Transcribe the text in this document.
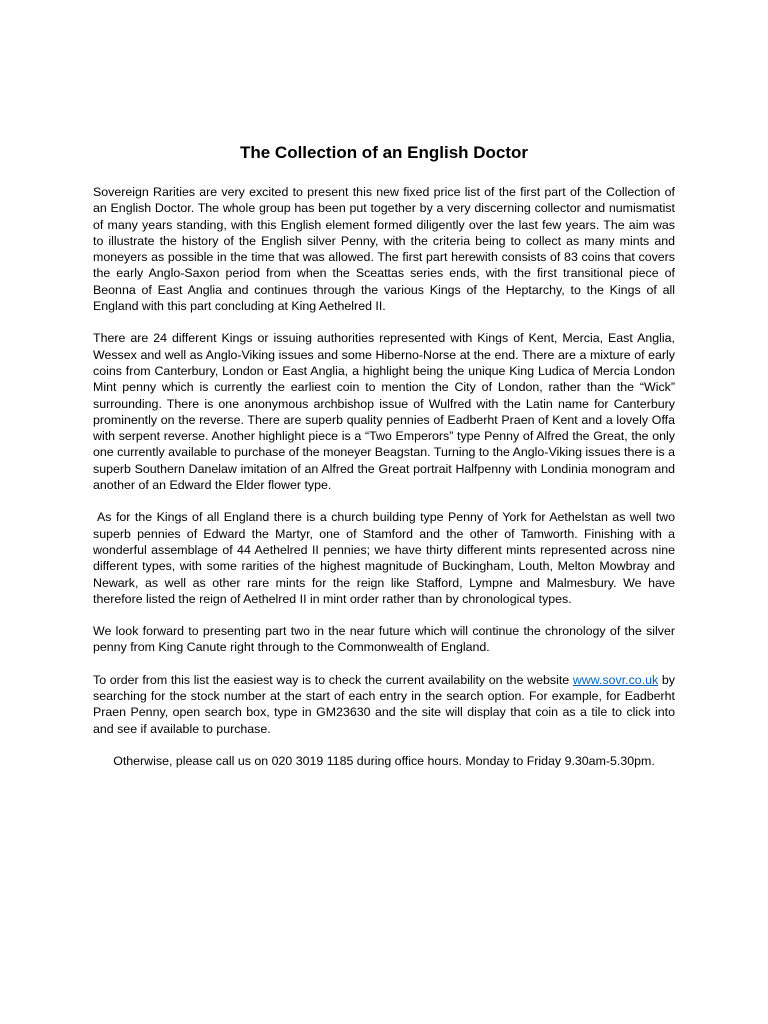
The Collection of an English Doctor

Sovereign Rarities are very excited to present this new fixed price list of the first part of the Collection of an English Doctor. The whole group has been put together by a very discerning collector and numismatist of many years standing, with this English element formed diligently over the last few years. The aim was to illustrate the history of the English silver Penny, with the criteria being to collect as many mints and moneyers as possible in the time that was allowed. The first part herewith consists of 83 coins that covers the early Anglo-Saxon period from when the Sceattas series ends, with the first transitional piece of Beonna of East Anglia and continues through the various Kings of the Heptarchy, to the Kings of all England with this part concluding at King Aethelred II.

There are 24 different Kings or issuing authorities represented with Kings of Kent, Mercia, East Anglia, Wessex and well as Anglo-Viking issues and some Hiberno-Norse at the end. There are a mixture of early coins from Canterbury, London or East Anglia, a highlight being the unique King Ludica of Mercia London Mint penny which is currently the earliest coin to mention the City of London, rather than the “Wick” surrounding. There is one anonymous archbishop issue of Wulfred with the Latin name for Canterbury prominently on the reverse. There are superb quality pennies of Eadberht Praen of Kent and a lovely Offa with serpent reverse. Another highlight piece is a “Two Emperors” type Penny of Alfred the Great, the only one currently available to purchase of the moneyer Beagstan. Turning to the Anglo-Viking issues there is a superb Southern Danelaw imitation of an Alfred the Great portrait Halfpenny with Londinia monogram and another of an Edward the Elder flower type.

As for the Kings of all England there is a church building type Penny of York for Aethelstan as well two superb pennies of Edward the Martyr, one of Stamford and the other of Tamworth. Finishing with a wonderful assemblage of 44 Aethelred II pennies; we have thirty different mints represented across nine different types, with some rarities of the highest magnitude of Buckingham, Louth, Melton Mowbray and Newark, as well as other rare mints for the reign like Stafford, Lympne and Malmesbury. We have therefore listed the reign of Aethelred II in mint order rather than by chronological types.

We look forward to presenting part two in the near future which will continue the chronology of the silver penny from King Canute right through to the Commonwealth of England.

To order from this list the easiest way is to check the current availability on the website www.sovr.co.uk by searching for the stock number at the start of each entry in the search option. For example, for Eadberht Praen Penny, open search box, type in GM23630 and the site will display that coin as a tile to click into and see if available to purchase.

Otherwise, please call us on 020 3019 1185 during office hours. Monday to Friday 9.30am-5.30pm.
